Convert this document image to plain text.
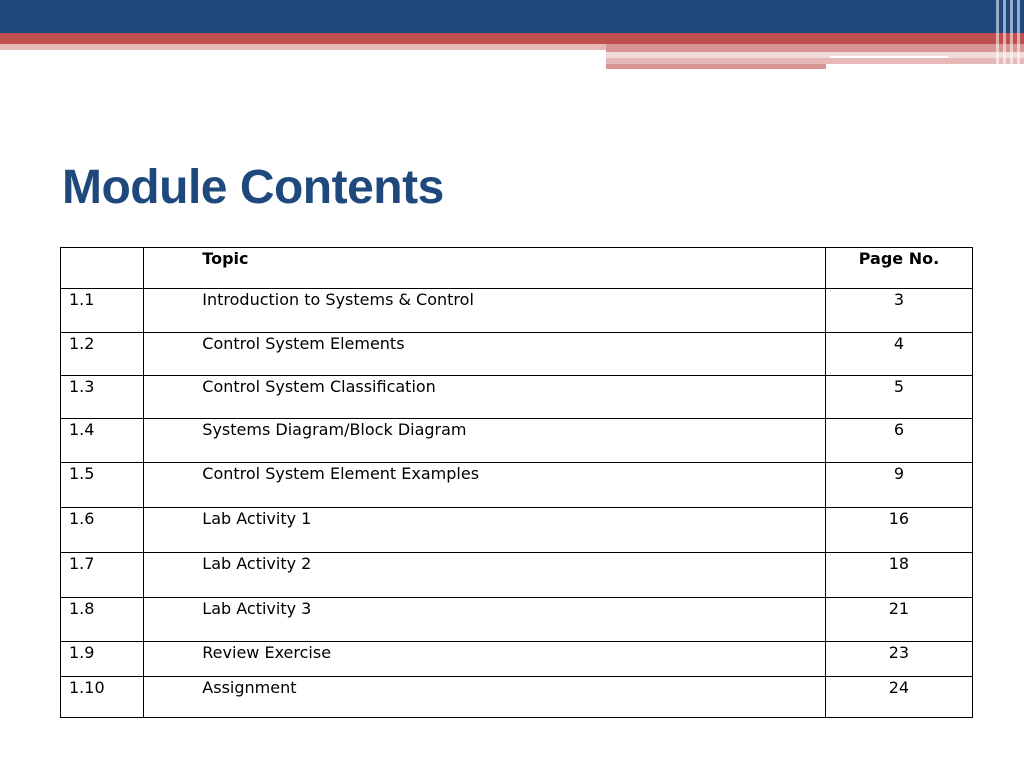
Module Contents
	Topic	Page No.
1.1	Introduction to Systems & Control	3
1.2	Control System Elements	4
1.3	Control System Classification	5
1.4	Systems Diagram/Block Diagram	6
1.5	Control System Element Examples	9
1.6	Lab Activity 1	16
1.7	Lab Activity 2	18
1.8	Lab Activity 3	21
1.9	Review Exercise	23
1.10	Assignment	24
